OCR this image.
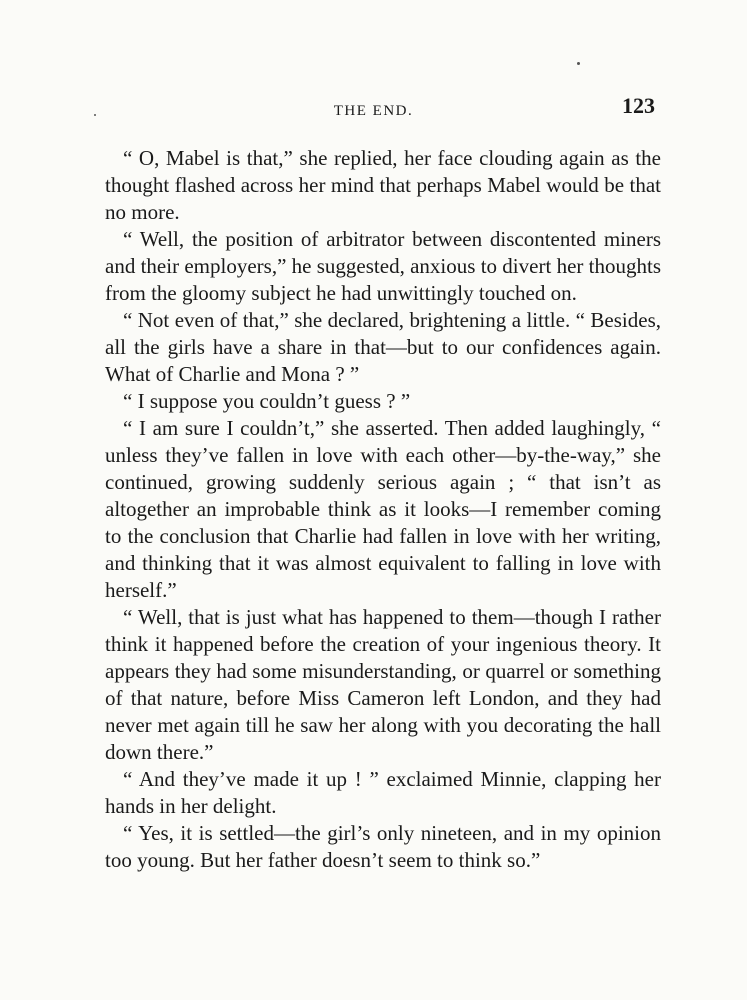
THE END.	123

“ O, Mabel is that,” she replied, her face clouding again as the thought flashed across her mind that perhaps Mabel would be that no more.

“ Well, the position of arbitrator between discontented miners and their employers,” he suggested, anxious to divert her thoughts from the gloomy subject he had unwittingly touched on.

“ Not even of that,” she declared, brightening a little. “ Besides, all the girls have a share in that—but to our confidences again. What of Charlie and Mona ? ”

“ I suppose you couldn’t guess ? ”

“ I am sure I couldn’t,” she asserted. Then added laughingly, “ unless they’ve fallen in love with each other—by-the-way,” she continued, growing suddenly serious again ; “ that isn’t as altogether an improbable think as it looks—I remember coming to the conclusion that Charlie had fallen in love with her writing, and thinking that it was almost equivalent to falling in love with herself.”

“ Well, that is just what has happened to them—though I rather think it happened before the creation of your ingenious theory. It appears they had some misunderstanding, or quarrel or something of that nature, before Miss Cameron left London, and they had never met again till he saw her along with you decorating the hall down there.”

“ And they’ve made it up ! ” exclaimed Minnie, clapping her hands in her delight.

“ Yes, it is settled—the girl’s only nineteen, and in my opinion too young. But her father doesn’t seem to think so.”
